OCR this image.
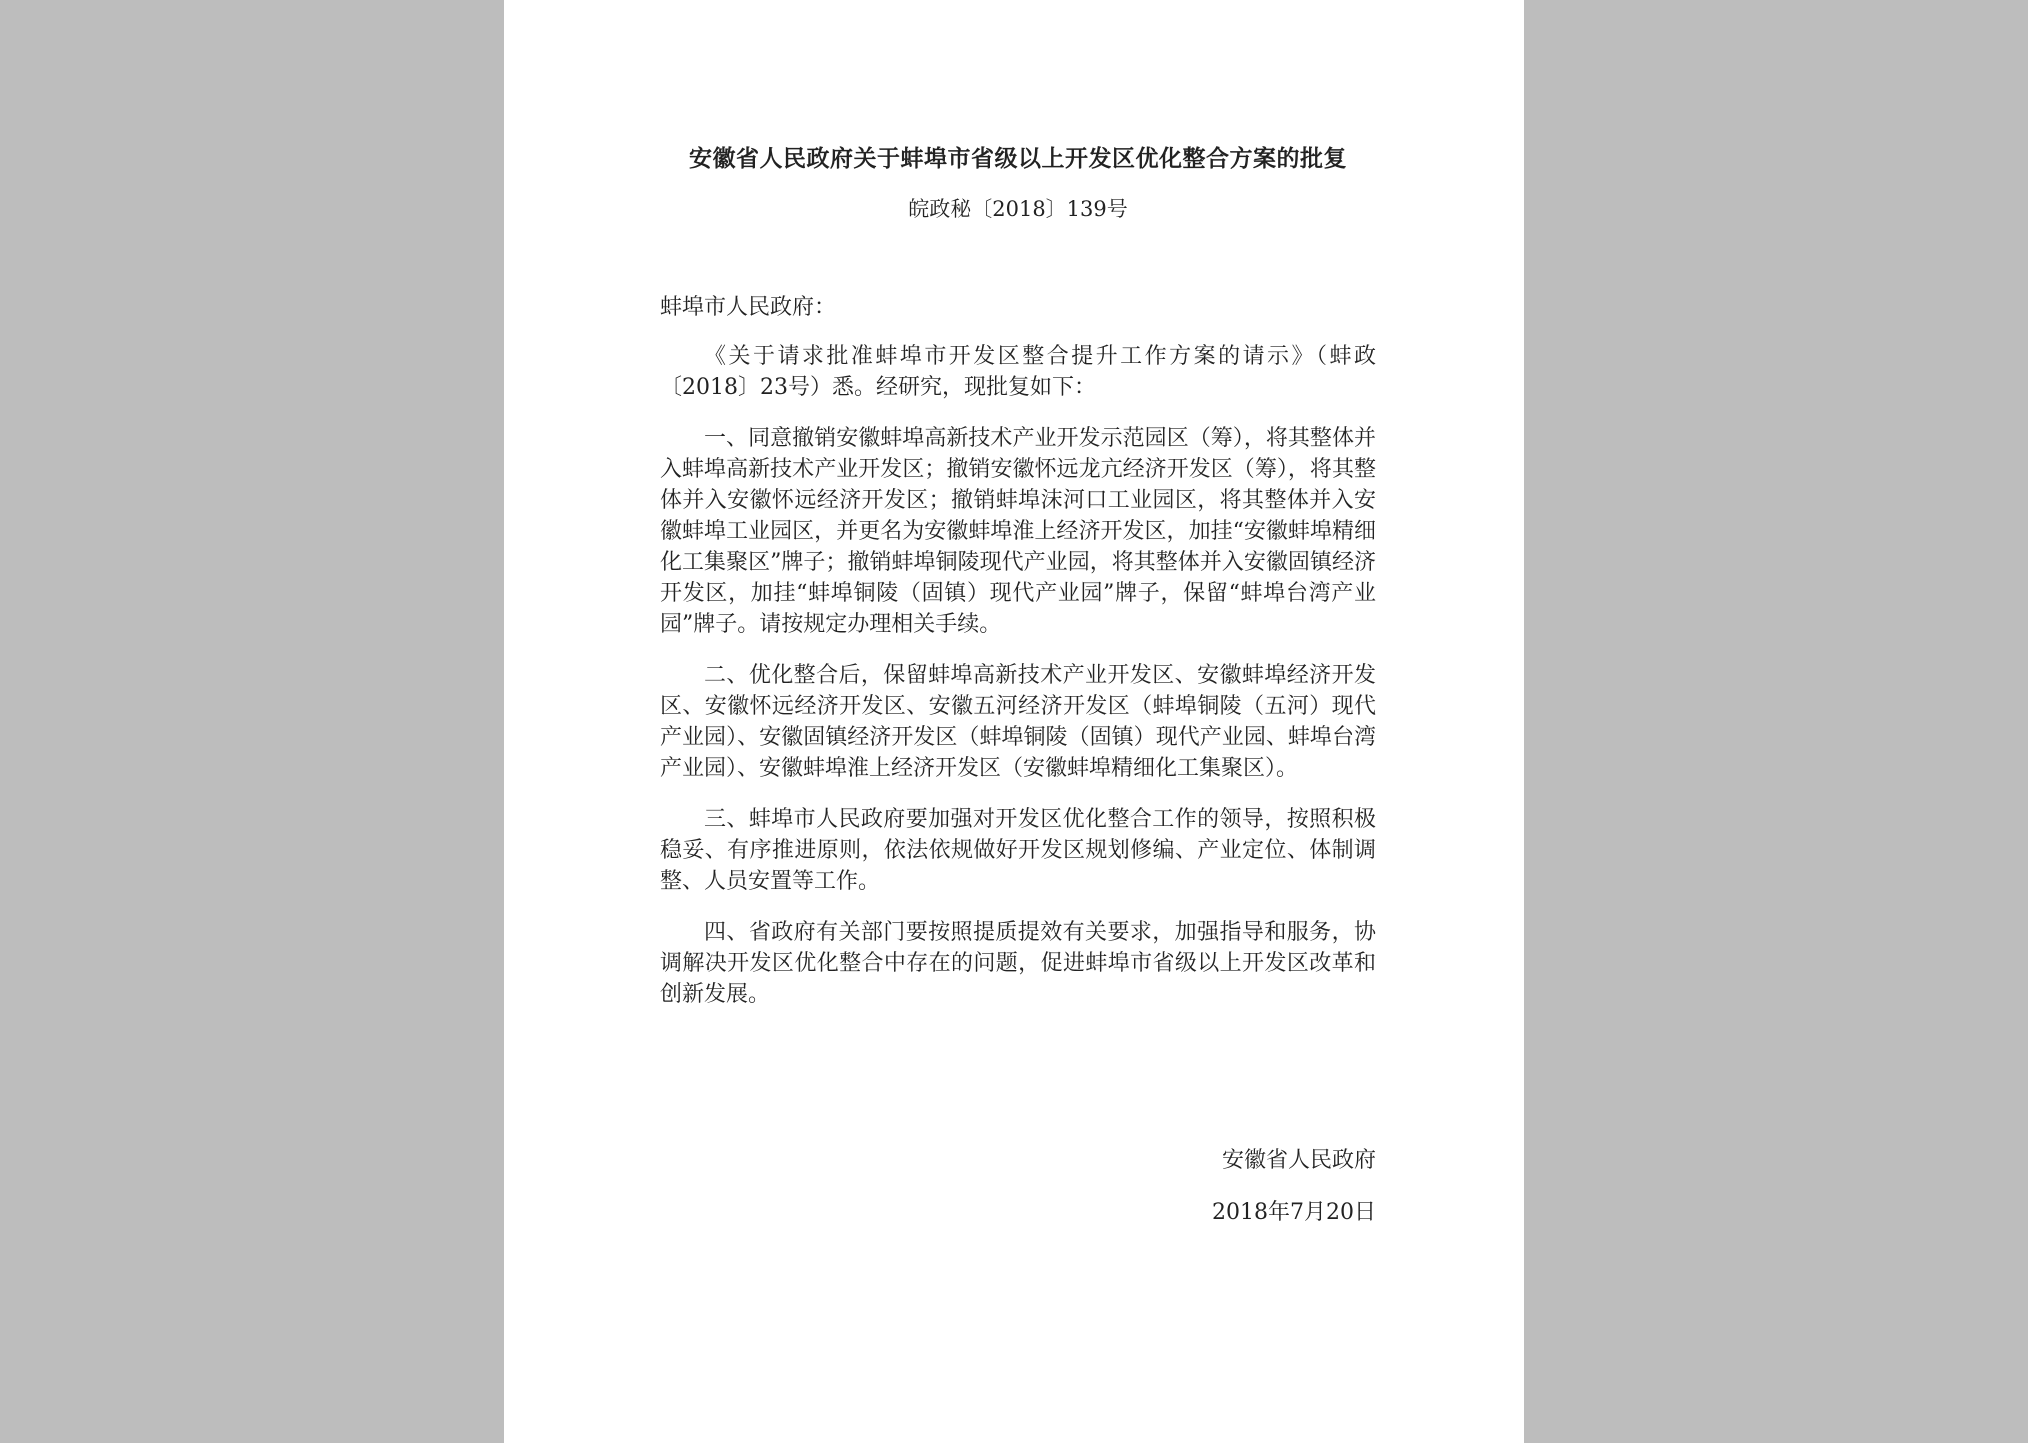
安徽省人民政府关于蚌埠市省级以上开发区优化整合方案的批复
皖政秘〔2018〕139号

蚌埠市人民政府：

《关于请求批准蚌埠市开发区整合提升工作方案的请示》（蚌政〔2018〕23号）悉。经研究，现批复如下：

一、同意撤销安徽蚌埠高新技术产业开发示范园区（筹），将其整体并入蚌埠高新技术产业开发区；撤销安徽怀远龙亢经济开发区（筹），将其整体并入安徽怀远经济开发区；撤销蚌埠沫河口工业园区，将其整体并入安徽蚌埠工业园区，并更名为安徽蚌埠淮上经济开发区，加挂“安徽蚌埠精细化工集聚区”牌子；撤销蚌埠铜陵现代产业园，将其整体并入安徽固镇经济开发区，加挂“蚌埠铜陵（固镇）现代产业园”牌子，保留“蚌埠台湾产业园”牌子。请按规定办理相关手续。

二、优化整合后，保留蚌埠高新技术产业开发区、安徽蚌埠经济开发区、安徽怀远经济开发区、安徽五河经济开发区（蚌埠铜陵（五河）现代产业园）、安徽固镇经济开发区（蚌埠铜陵（固镇）现代产业园、蚌埠台湾产业园）、安徽蚌埠淮上经济开发区（安徽蚌埠精细化工集聚区）。

三、蚌埠市人民政府要加强对开发区优化整合工作的领导，按照积极稳妥、有序推进原则，依法依规做好开发区规划修编、产业定位、体制调整、人员安置等工作。

四、省政府有关部门要按照提质提效有关要求，加强指导和服务，协调解决开发区优化整合中存在的问题，促进蚌埠市省级以上开发区改革和创新发展。

安徽省人民政府
2018年7月20日
